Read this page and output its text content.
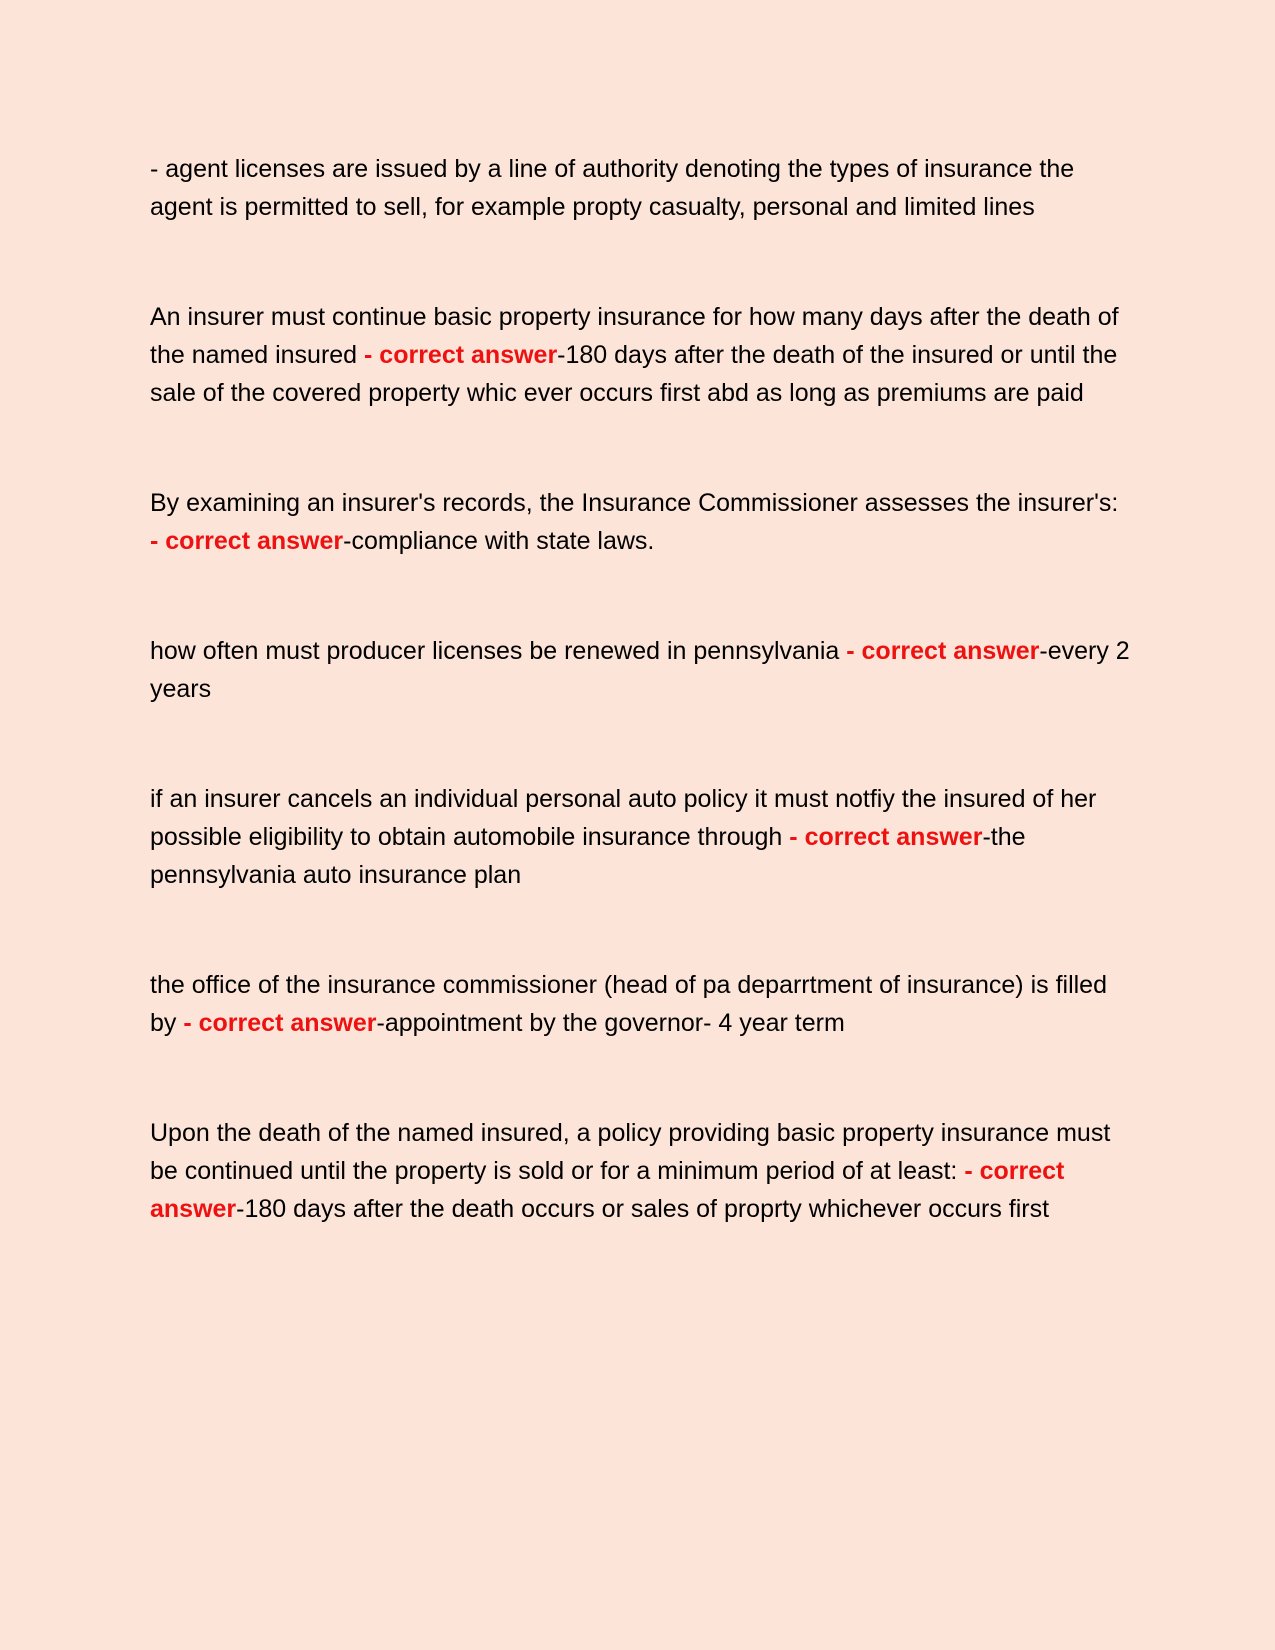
- agent licenses are issued by a line of authority denoting the types of insurance the agent is permitted to sell, for example propty casualty, personal and limited lines

An insurer must continue basic property insurance for how many days after the death of the named insured - correct answer-180 days after the death of the insured or until the sale of the covered property whic ever occurs first abd as long as premiums are paid

By examining an insurer's records, the Insurance Commissioner assesses the insurer's: - correct answer-compliance with state laws.

how often must producer licenses be renewed in pennsylvania - correct answer-every 2 years

if an insurer cancels an individual personal auto policy it must notfiy the insured of her possible eligibility to obtain automobile insurance through - correct answer-the pennsylvania auto insurance plan

the office of the insurance commissioner (head of pa deparrtment of insurance) is filled by - correct answer-appointment by the governor- 4 year term

Upon the death of the named insured, a policy providing basic property insurance must be continued until the property is sold or for a minimum period of at least: - correct answer-180 days after the death occurs or sales of proprty whichever occurs first
